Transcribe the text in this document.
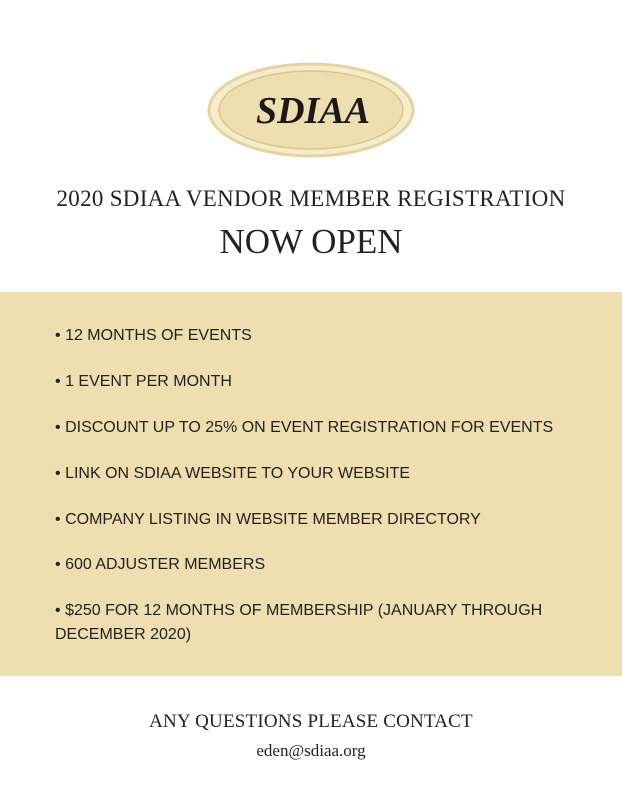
SDIAA
2020 SDIAA VENDOR MEMBER REGISTRATION
NOW OPEN
• 12 MONTHS OF EVENTS
• 1 EVENT PER MONTH
• DISCOUNT UP TO 25% ON EVENT REGISTRATION FOR EVENTS
• LINK ON SDIAA WEBSITE TO YOUR WEBSITE
• COMPANY LISTING IN WEBSITE MEMBER DIRECTORY
• 600 ADJUSTER MEMBERS
• $250 FOR 12 MONTHS OF MEMBERSHIP (JANUARY THROUGH DECEMBER 2020)
ANY QUESTIONS PLEASE CONTACT
eden@sdiaa.org
